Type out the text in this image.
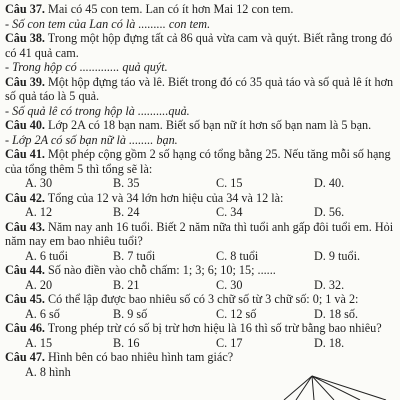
Câu 37. Mai có 45 con tem. Lan có ít hơn Mai 12 con tem.

- Số con tem của Lan có là ......... con tem.

Câu 38. Trong một hộp đựng tất cả 86 quả vừa cam và quýt. Biết rằng trong đó có 41 quả cam.

- Trong hộp có ............. quả quýt.

Câu 39. Một hộp đựng táo và lê. Biết trong đó có 35 quả táo và số quả lê ít hơn số quả táo là 5 quả.

- Số quả lê có trong hộp là ..........quả.

Câu 40. Lớp 2A có 18 bạn nam. Biết số bạn nữ ít hơn số bạn nam là 5 bạn.

- Lớp 2A có số bạn nữ là ........ bạn.

Câu 41. Một phép cộng gồm 2 số hạng có tổng bằng 25. Nếu tăng mỗi số hạng của tổng thêm 5 thì tổng sẽ là:

A. 30	B. 35	C. 15	D. 40.

Câu 42. Tổng của 12 và 34 lớn hơn hiệu của 34 và 12 là:

A. 12	B. 24	C. 34	D. 56.

Câu 43. Năm nay anh 16 tuổi. Biết 2 năm nữa thì tuổi anh gấp đôi tuổi em. Hỏi năm nay em bao nhiêu tuổi?

A. 6 tuổi	B. 7 tuổi	C. 8 tuổi	D. 9 tuổi.

Câu 44. Số nào điền vào chỗ chấm: 1; 3; 6; 10; 15; ......

A. 20	B. 21	C. 30	D. 32.

Câu 45. Có thể lập được bao nhiêu số có 3 chữ số từ 3 chữ số: 0; 1 và 2:

A. 6 số	B. 9 số	C. 12 số	D. 18 số.

Câu 46. Trong phép trừ có số bị trừ hơn hiệu là 16 thì số trừ bằng bao nhiêu?

A. 15	B. 16	C. 17	D. 18.

Câu 47. Hình bên có bao nhiêu hình tam giác?

A. 8 hình
